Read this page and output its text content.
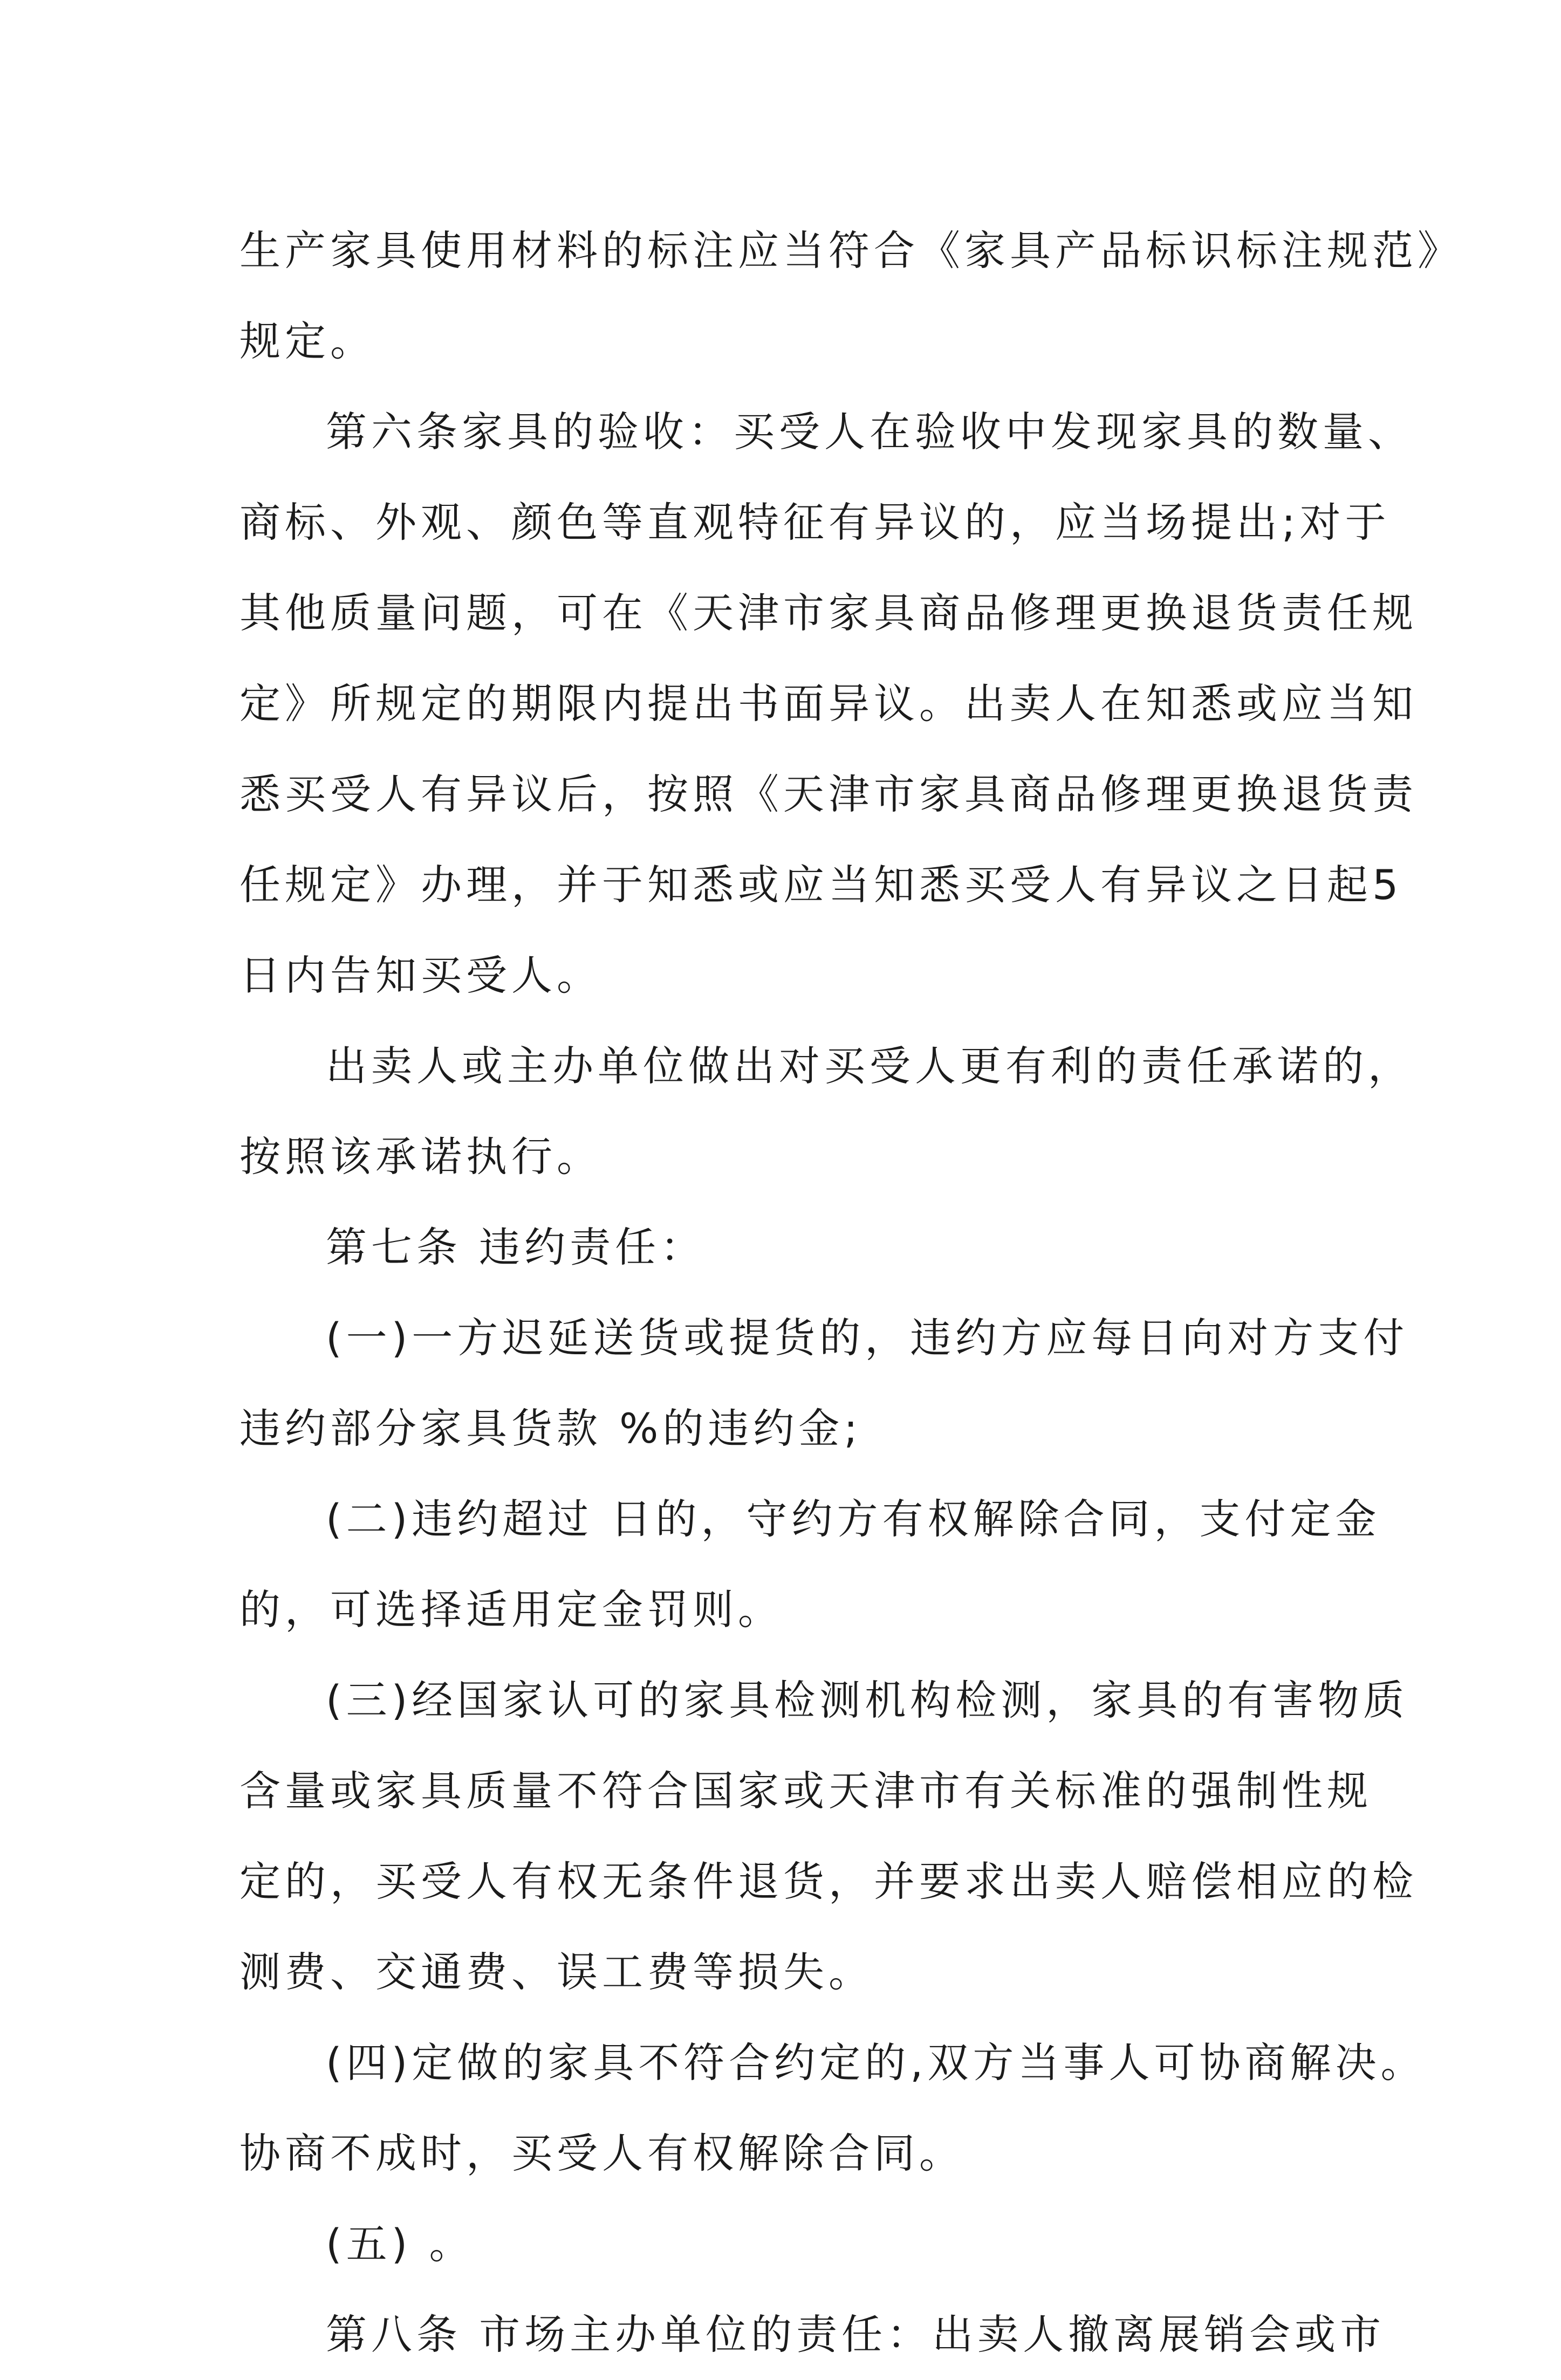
生产家具使用材料的标注应当符合《家具产品标识标注规范》
规定。
第六条家具的验收：买受人在验收中发现家具的数量、
商标、外观、颜色等直观特征有异议的，应当场提出;对于
其他质量问题，可在《天津市家具商品修理更换退货责任规
定》所规定的期限内提出书面异议。出卖人在知悉或应当知
悉买受人有异议后，按照《天津市家具商品修理更换退货责
任规定》办理，并于知悉或应当知悉买受人有异议之日起5
日内告知买受人。
出卖人或主办单位做出对买受人更有利的责任承诺的，
按照该承诺执行。
第七条 违约责任：
(一)一方迟延送货或提货的，违约方应每日向对方支付
违约部分家具货款 %的违约金;
(二)违约超过 日的，守约方有权解除合同，支付定金
的，可选择适用定金罚则。
(三)经国家认可的家具检测机构检测，家具的有害物质
含量或家具质量不符合国家或天津市有关标准的强制性规
定的，买受人有权无条件退货，并要求出卖人赔偿相应的检
测费、交通费、误工费等损失。
(四)定做的家具不符合约定的,双方当事人可协商解决。
协商不成时，买受人有权解除合同。
(五) 。
第八条 市场主办单位的责任：出卖人撤离展销会或市
